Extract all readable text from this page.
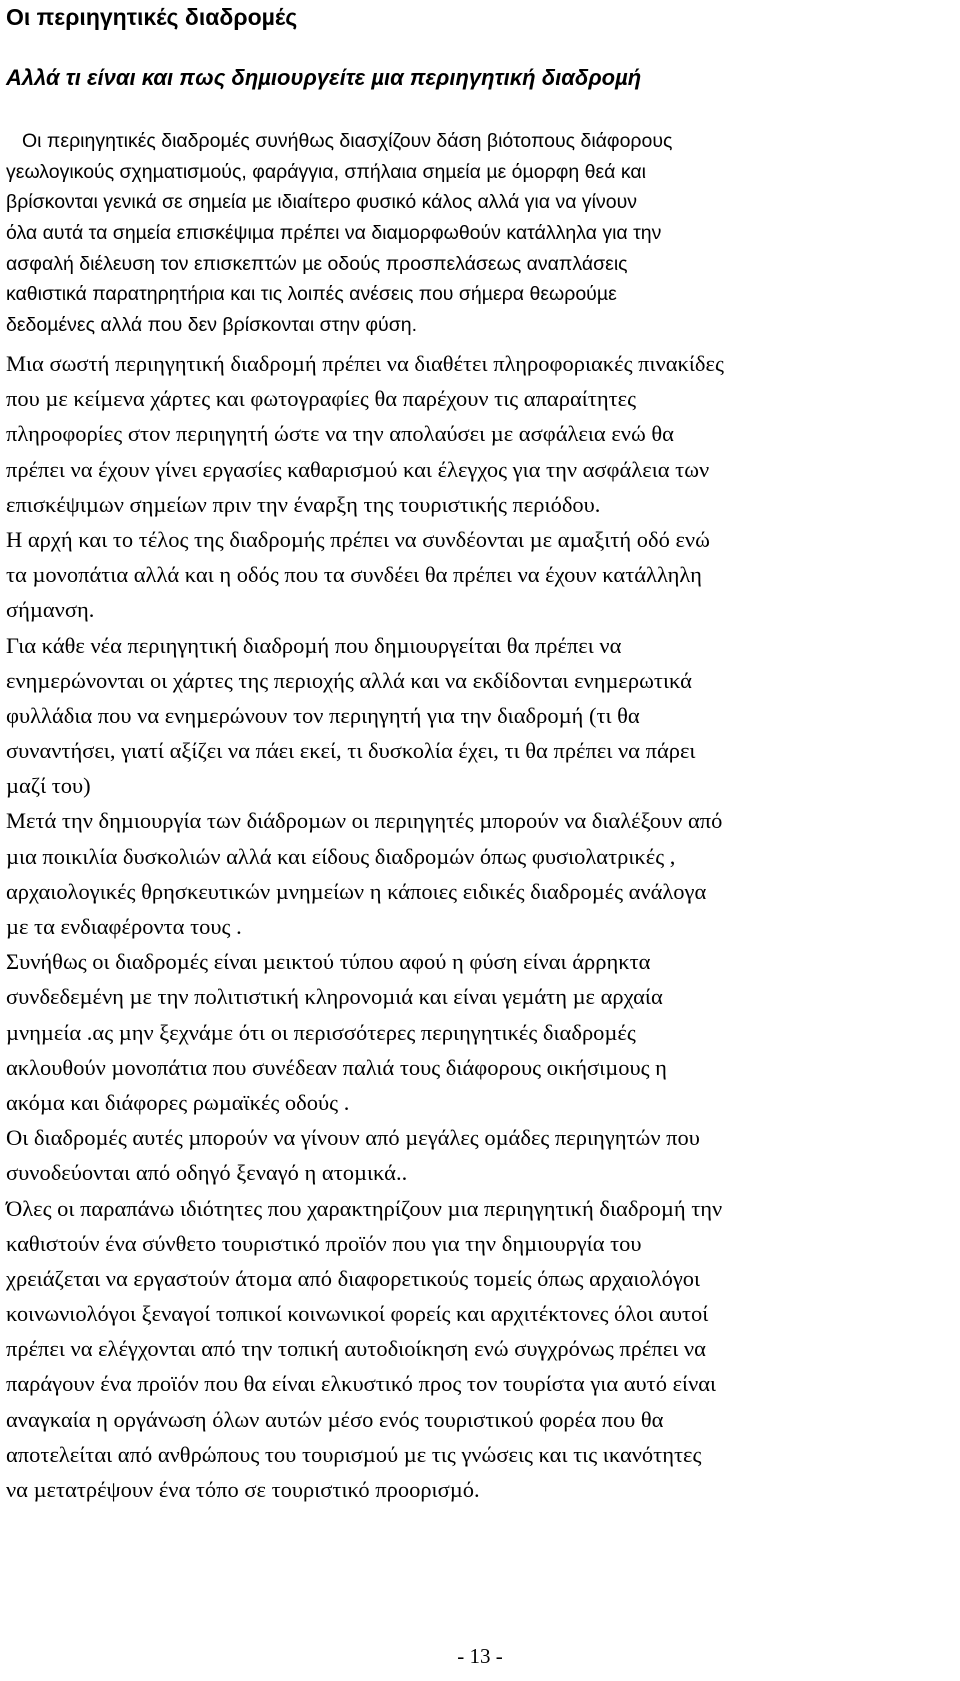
Οι περιηγητικές διαδροµές
Αλλά τι είναι και πως δηµιουργείτε µια περιηγητική διαδροµή
Οι περιηγητικές διαδροµές συνήθως διασχίζουν δάση βιότοπους διάφορους
γεωλογικούς σχηµατισµούς, φαράγγια, σπήλαια σηµεία µε όµορφη θεά και
βρίσκονται γενικά σε σηµεία µε ιδιαίτερο φυσικό κάλος αλλά για να γίνουν
όλα αυτά τα σηµεία επισκέψιµα πρέπει να διαµορφωθούν κατάλληλα για την
ασφαλή διέλευση τον επισκεπτών µε οδούς προσπελάσεως αναπλάσεις
καθιστικά παρατηρητήρια και τις λοιπές ανέσεις που σήµερα θεωρούµε
δεδοµένες αλλά που δεν βρίσκονται στην φύση.
Μια σωστή περιηγητική διαδροµή πρέπει να διαθέτει πληροφοριακές πινακίδες
που µε κείµενα χάρτες και φωτογραφίες θα παρέχουν τις απαραίτητες
πληροφορίες στον περιηγητή ώστε να την απολαύσει µε ασφάλεια ενώ θα
πρέπει να έχουν γίνει εργασίες καθαρισµού και έλεγχος για την ασφάλεια των
επισκέψιµων σηµείων πριν την έναρξη της τουριστικής περιόδου.
Η αρχή και το τέλος της διαδροµής πρέπει να συνδέονται µε αµαξιτή οδό ενώ
τα µονοπάτια αλλά και η οδός που τα συνδέει θα πρέπει να έχουν κατάλληλη
σήµανση.
Για κάθε νέα περιηγητική διαδροµή που δηµιουργείται θα πρέπει να
ενηµερώνονται οι χάρτες της περιοχής αλλά και να εκδίδονται ενηµερωτικά
φυλλάδια που να ενηµερώνουν τον περιηγητή για την διαδροµή (τι θα
συναντήσει, γιατί αξίζει να πάει εκεί, τι δυσκολία έχει, τι θα πρέπει να πάρει
µαζί του)
Μετά την δηµιουργία των διάδροµων οι περιηγητές µπορούν να διαλέξουν από
µια ποικιλία δυσκολιών αλλά και είδους διαδροµών όπως φυσιολατρικές ,
αρχαιολογικές θρησκευτικών µνηµείων η κάποιες ειδικές διαδροµές ανάλογα
µε τα ενδιαφέροντα τους .
Συνήθως οι διαδροµές είναι µεικτού τύπου αφού η φύση είναι άρρηκτα
συνδεδεµένη µε την πολιτιστική κληρονοµιά και είναι γεµάτη µε αρχαία
µνηµεία .ας µην ξεχνάµε ότι οι περισσότερες περιηγητικές διαδροµές
ακλουθούν µονοπάτια που συνέδεαν παλιά τους διάφορους οικήσιµους η
ακόµα και διάφορες ρωµαϊκές οδούς .
Οι διαδροµές αυτές µπορούν να γίνουν από µεγάλες οµάδες περιηγητών που
συνοδεύονται από οδηγό ξεναγό η ατοµικά..
Όλες οι παραπάνω ιδιότητες που χαρακτηρίζουν µια περιηγητική διαδροµή την
καθιστούν ένα σύνθετο τουριστικό προϊόν που για την δηµιουργία του
χρειάζεται να εργαστούν άτοµα από διαφορετικούς τοµείς όπως αρχαιολόγοι
κοινωνιολόγοι ξεναγοί τοπικοί κοινωνικοί φορείς και αρχιτέκτονες όλοι αυτοί
πρέπει να ελέγχονται από την τοπική αυτοδιοίκηση ενώ συγχρόνως πρέπει να
παράγουν ένα προϊόν που θα είναι ελκυστικό προς τον τουρίστα για αυτό είναι
αναγκαία η οργάνωση όλων αυτών µέσο ενός τουριστικού φορέα που θα
αποτελείται από ανθρώπους του τουρισµού µε τις γνώσεις και τις ικανότητες
να µετατρέψουν ένα τόπο σε τουριστικό προορισµό.
- 13 -
